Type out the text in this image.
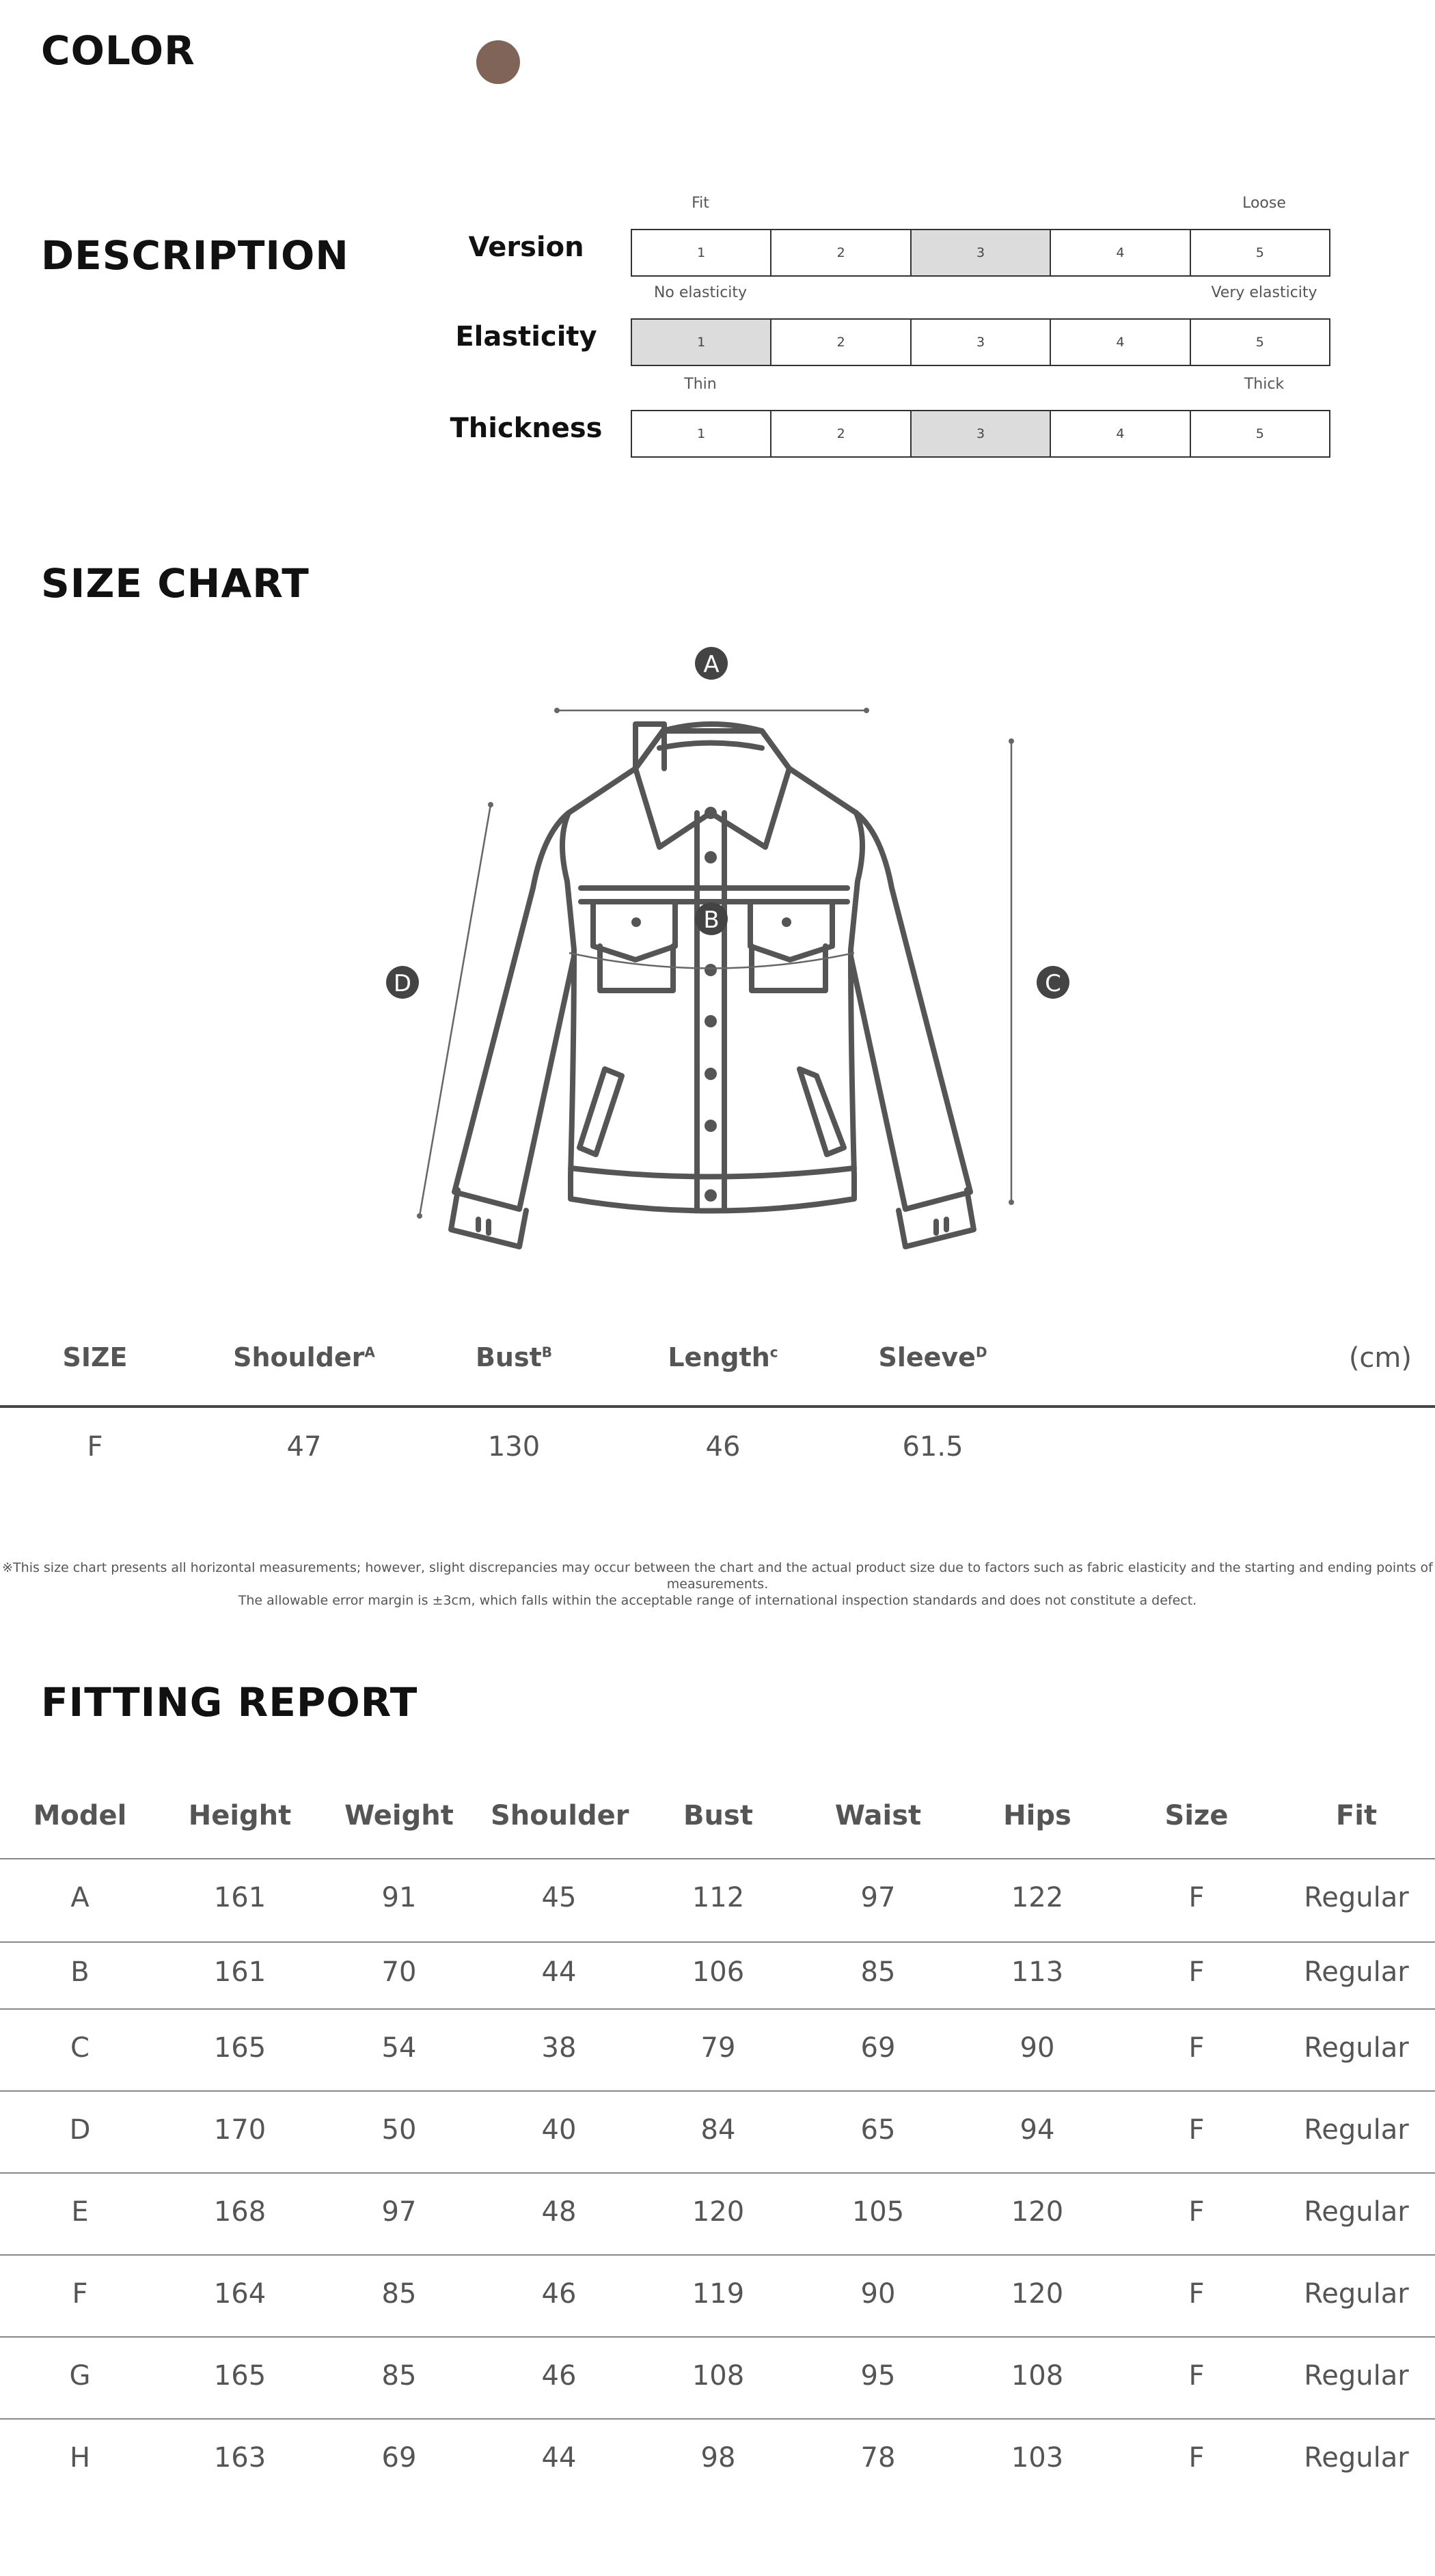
COLOR
DESCRIPTION
Fit	Loose
Version	1	2	3	4	5
No elasticity	Very elasticity
Elasticity	1	2	3	4	5
Thin	Thick
Thickness	1	2	3	4	5
SIZE CHART
A
B
C
D
SIZE	Shoulder$^A$	Bust$^B$	Length$^c$	Sleeve$^D$	(cm)
F	47	130	46	61.5
※This size chart presents all horizontal measurements; however, slight discrepancies may occur between the chart and the actual product size due to factors such as fabric elasticity and the starting and ending points of measurements.
The allowable error margin is ±3cm, which falls within the acceptable range of international inspection standards and does not constitute a defect.
FITTING REPORT
Model	Height	Weight	Shoulder	Bust	Waist	Hips	Size	Fit
A	161	91	45	112	97	122	F	Regular
B	161	70	44	106	85	113	F	Regular
C	165	54	38	79	69	90	F	Regular
D	170	50	40	84	65	94	F	Regular
E	168	97	48	120	105	120	F	Regular
F	164	85	46	119	90	120	F	Regular
G	165	85	46	108	95	108	F	Regular
H	163	69	44	98	78	103	F	Regular
